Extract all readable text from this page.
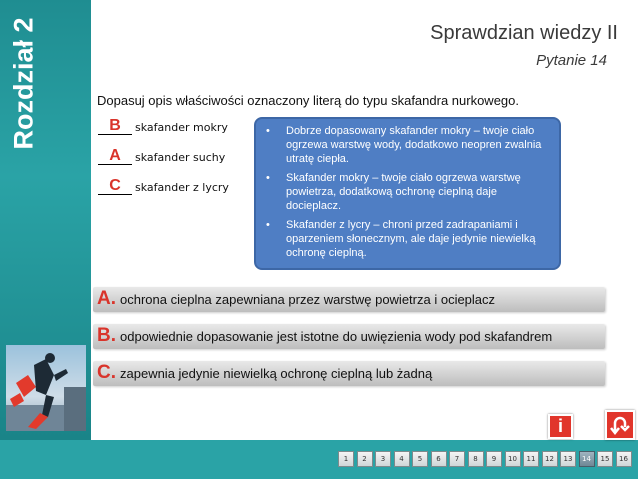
Rozdział 2	Sprawdzian wiedzy II
Pytanie 14
Dopasuj opis właściwości oznaczony literą do typu skafandra nurkowego.
B	skafander mokry
A	skafander suchy
C	skafander z lycry
• Dobrze dopasowany skafander mokry – twoje ciało ogrzewa warstwę wody, dodatkowo neopren zwalnia utratę ciepła.
• Skafander mokry – twoje ciało ogrzewa warstwę powietrza, dodatkową ochronę cieplną daje docieplacz.
• Skafander z lycry – chroni przed zadrapaniami i oparzeniem słonecznym, ale daje jedynie niewielką ochronę cieplną.
A. ochrona cieplna zapewniana przez warstwę powietrza i ocieplacz
B. odpowiednie dopasowanie jest istotne do uwięzienia wody pod skafandrem
C. zapewnia jedynie niewielką ochronę cieplną lub żadną
i
1	2	3	4	5	6	7	8	9	10	11	12	13	14	15	16
